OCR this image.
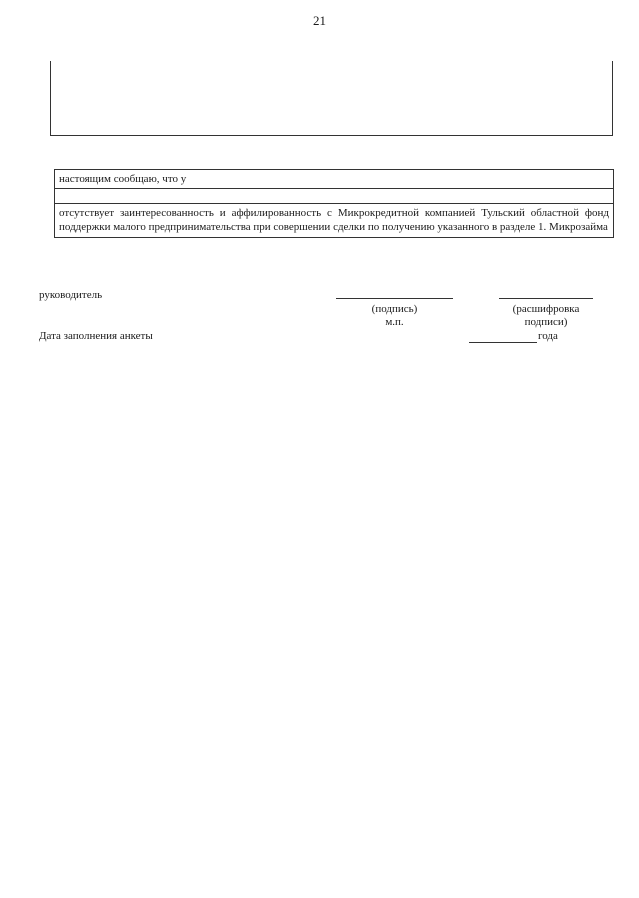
21
настоящим сообщаю, что у
отсутствует заинтересованность и аффилированность с Микрокредитной компанией Тульский областной фонд поддержки малого предпринимательства при совершении сделки по получению указанного в разделе 1. Микрозайма
руководитель
(подпись)
м.п.
(расшифровка
подписи)
Дата заполнения анкеты	года
